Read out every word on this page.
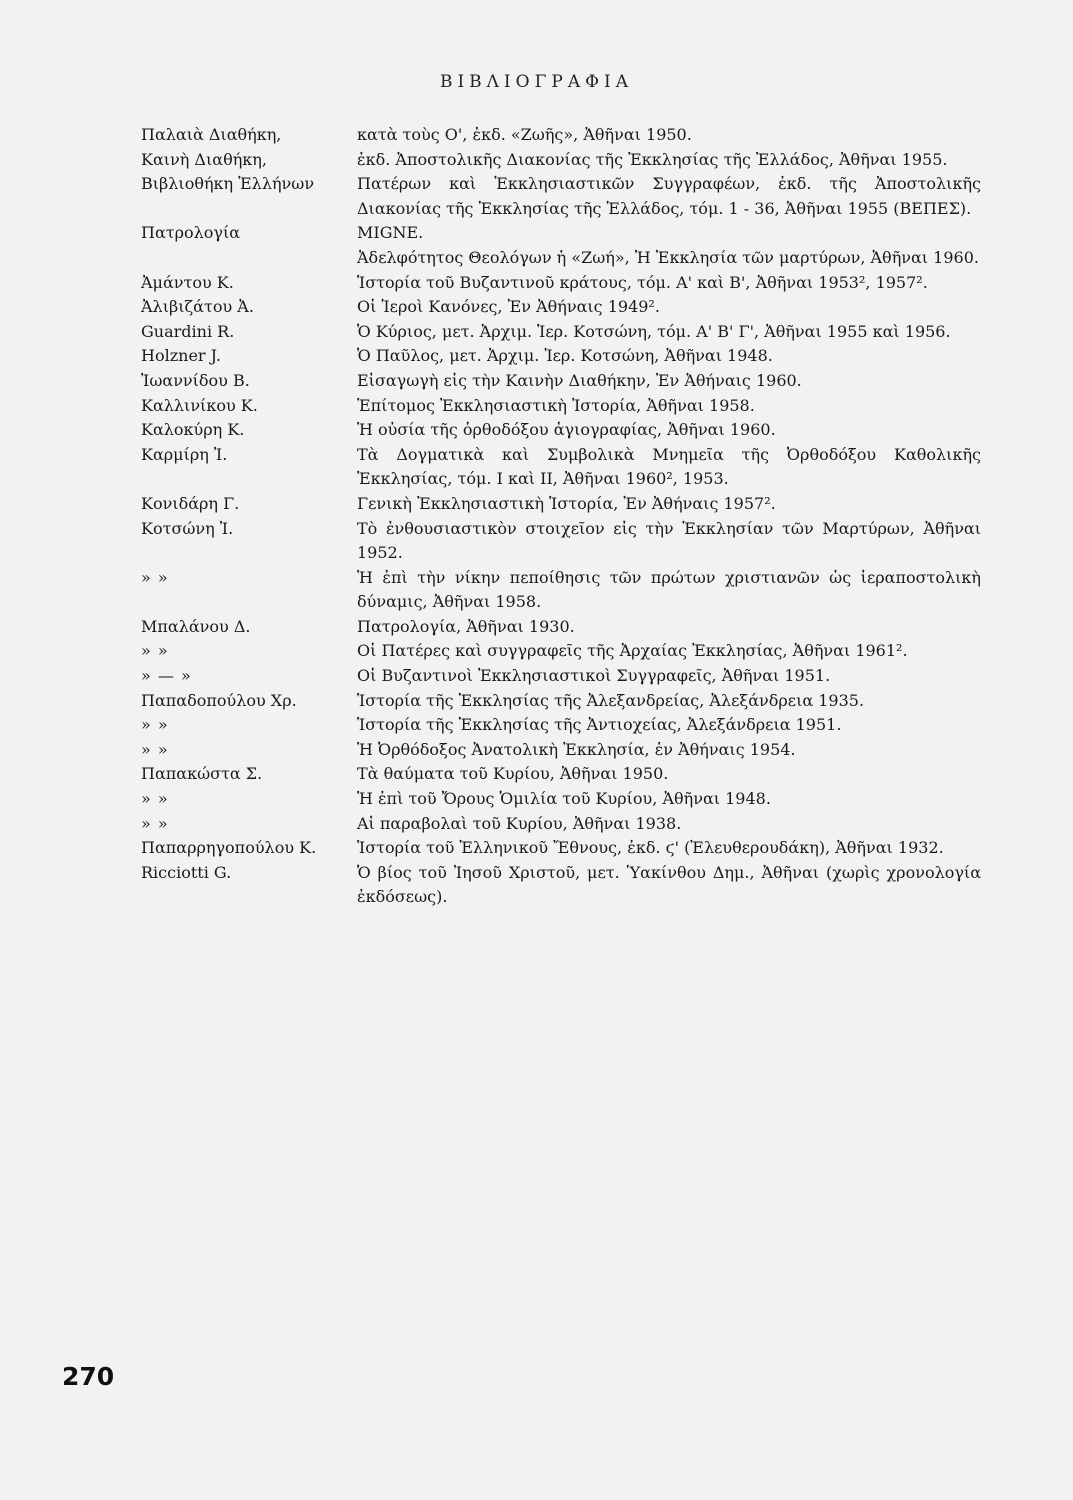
ΒΙΒΛΙΟΓΡΑΦΙΑ
Παλαιὰ Διαθήκη,	κατὰ τοὺς Ο', ἐκδ. «Ζωῆς», Ἀθῆναι 1950.
Καινὴ Διαθήκη,	ἐκδ. Ἀποστολικῆς Διακονίας τῆς Ἐκκλησίας τῆς Ἑλλάδος, Ἀθῆναι 1955.
Βιβλιοθήκη Ἑλλήνων	Πατέρων καὶ Ἐκκλησιαστικῶν Συγγραφέων, ἐκδ. τῆς Ἀποστολικῆς Διακονίας τῆς Ἐκκλησίας τῆς Ἑλλάδος, τόμ. 1 - 36, Ἀθῆναι 1955 (ΒΕΠΕΣ).
Πατρολογία	MIGNE.
Ἀδελφότητος Θεολόγων ἡ «Ζωή», Ἡ Ἐκκλησία τῶν μαρτύρων, Ἀθῆναι 1960.
Ἀμάντου Κ.	Ἱστορία τοῦ Βυζαντινοῦ κράτους, τόμ. Α' καὶ Β', Ἀθῆναι 1953², 1957².
Ἀλιβιζάτου Ἀ.	Οἱ Ἱεροὶ Κανόνες, Ἐν Ἀθήναις 1949².
Guardini R.	Ὁ Κύριος, μετ. Ἀρχιμ. Ἱερ. Κοτσώνη, τόμ. Α' Β' Γ', Ἀθῆναι 1955 καὶ 1956.
Holzner J.	Ὁ Παῦλος, μετ. Ἀρχιμ. Ἱερ. Κοτσώνη, Ἀθῆναι 1948.
Ἰωαννίδου Β.	Εἰσαγωγὴ εἰς τὴν Καινὴν Διαθήκην, Ἐν Ἀθήναις 1960.
Καλλινίκου Κ.	Ἐπίτομος Ἐκκλησιαστικὴ Ἱστορία, Ἀθῆναι 1958.
Καλοκύρη Κ.	Ἡ οὐσία τῆς ὀρθοδόξου ἁγιογραφίας, Ἀθῆναι 1960.
Καρμίρη Ἰ.	Τὰ Δογματικὰ καὶ Συμβολικὰ Μνημεῖα τῆς Ὀρθοδόξου Καθολικῆς Ἐκκλησίας, τόμ. Ι καὶ ΙΙ, Ἀθῆναι 1960², 1953.
Κονιδάρη Γ.	Γενικὴ Ἐκκλησιαστικὴ Ἱστορία, Ἐν Ἀθήναις 1957².
Κοτσώνη Ἰ.	Τὸ ἐνθουσιαστικὸν στοιχεῖον εἰς τὴν Ἐκκλησίαν τῶν Μαρτύρων, Ἀθῆναι 1952.
» »	Ἡ ἐπὶ τὴν νίκην πεποίθησις τῶν πρώτων χριστιανῶν ὡς ἱεραποστολικὴ δύναμις, Ἀθῆναι 1958.
Μπαλάνου Δ.	Πατρολογία, Ἀθῆναι 1930.
» »	Οἱ Πατέρες καὶ συγγραφεῖς τῆς Ἀρχαίας Ἐκκλησίας, Ἀθῆναι 1961².
» — »	Οἱ Βυζαντινοὶ Ἐκκλησιαστικοὶ Συγγραφεῖς, Ἀθῆναι 1951.
Παπαδοπούλου Χρ.	Ἱστορία τῆς Ἐκκλησίας τῆς Ἀλεξανδρείας, Ἀλεξάνδρεια 1935.
» »	Ἱστορία τῆς Ἐκκλησίας τῆς Ἀντιοχείας, Ἀλεξάνδρεια 1951.
» »	Ἡ Ὀρθόδοξος Ἀνατολικὴ Ἐκκλησία, ἐν Ἀθήναις 1954.
Παπακώστα Σ.	Τὰ θαύματα τοῦ Κυρίου, Ἀθῆναι 1950.
» »	Ἡ ἐπὶ τοῦ Ὄρους Ὁμιλία τοῦ Κυρίου, Ἀθῆναι 1948.
» »	Αἱ παραβολαὶ τοῦ Κυρίου, Ἀθῆναι 1938.
Παπαρρηγοπούλου Κ.	Ἱστορία τοῦ Ἑλληνικοῦ Ἔθνους, ἐκδ. ϛ' (Ἐλευθερουδάκη), Ἀθῆναι 1932.
Ricciotti G.	Ὁ βίος τοῦ Ἰησοῦ Χριστοῦ, μετ. Ὑακίνθου Δημ., Ἀθῆναι (χωρὶς χρονολογία ἐκδόσεως).
270
